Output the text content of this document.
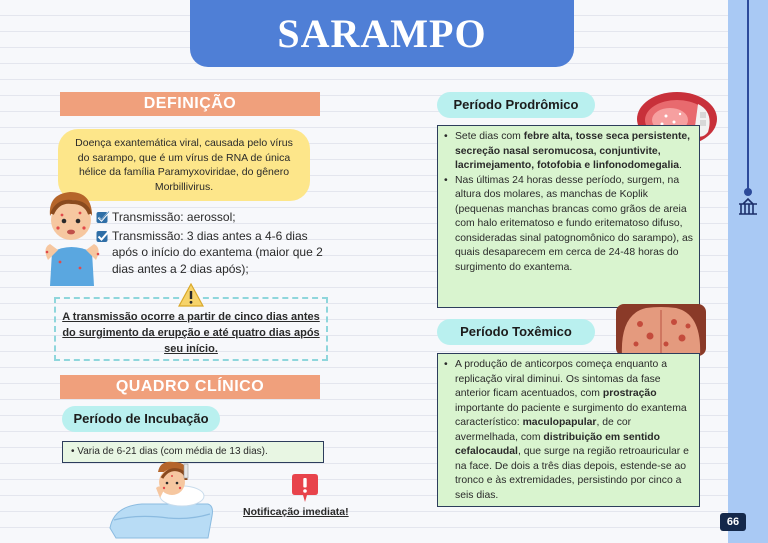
66
SARAMPO
DEFINIÇÃO
Doença exantemática viral, causada pelo vírus do sarampo, que é um vírus de RNA de única hélice da família Paramyxoviridae, do gênero Morbillivirus.
Transmissão: aerossol;
Transmissão: 3 dias antes a 4-6 dias após o início do exantema (maior que 2 dias antes a 2 dias após);
A transmissão ocorre a partir de cinco dias antes do surgimento da erupção e até quatro dias após seu início.
QUADRO CLÍNICO
Período de Incubação
• Varia de 6-21 dias (com média de 13 dias).
Notificação imediata!
Período Prodrômico
• Sete dias com febre alta, tosse seca persistente, secreção nasal seromucosa, conjuntivite, lacrimejamento, fotofobia e linfonodomegalia.
• Nas últimas 24 horas desse período, surgem, na altura dos molares, as manchas de Koplik (pequenas manchas brancas como grãos de areia com halo eritematoso e fundo eritematoso difuso, consideradas sinal patognomônico do sarampo), as quais desaparecem em cerca de 24-48 horas do surgimento do exantema.
Período Toxêmico
• A produção de anticorpos começa enquanto a replicação viral diminui. Os sintomas da fase anterior ficam acentuados, com prostração importante do paciente e surgimento do exantema característico: maculopapular, de cor avermelhada, com distribuição em sentido cefalocaudal, que surge na região retroauricular e na face. De dois a três dias depois, estende-se ao tronco e às extremidades, persistindo por cinco a seis dias.
